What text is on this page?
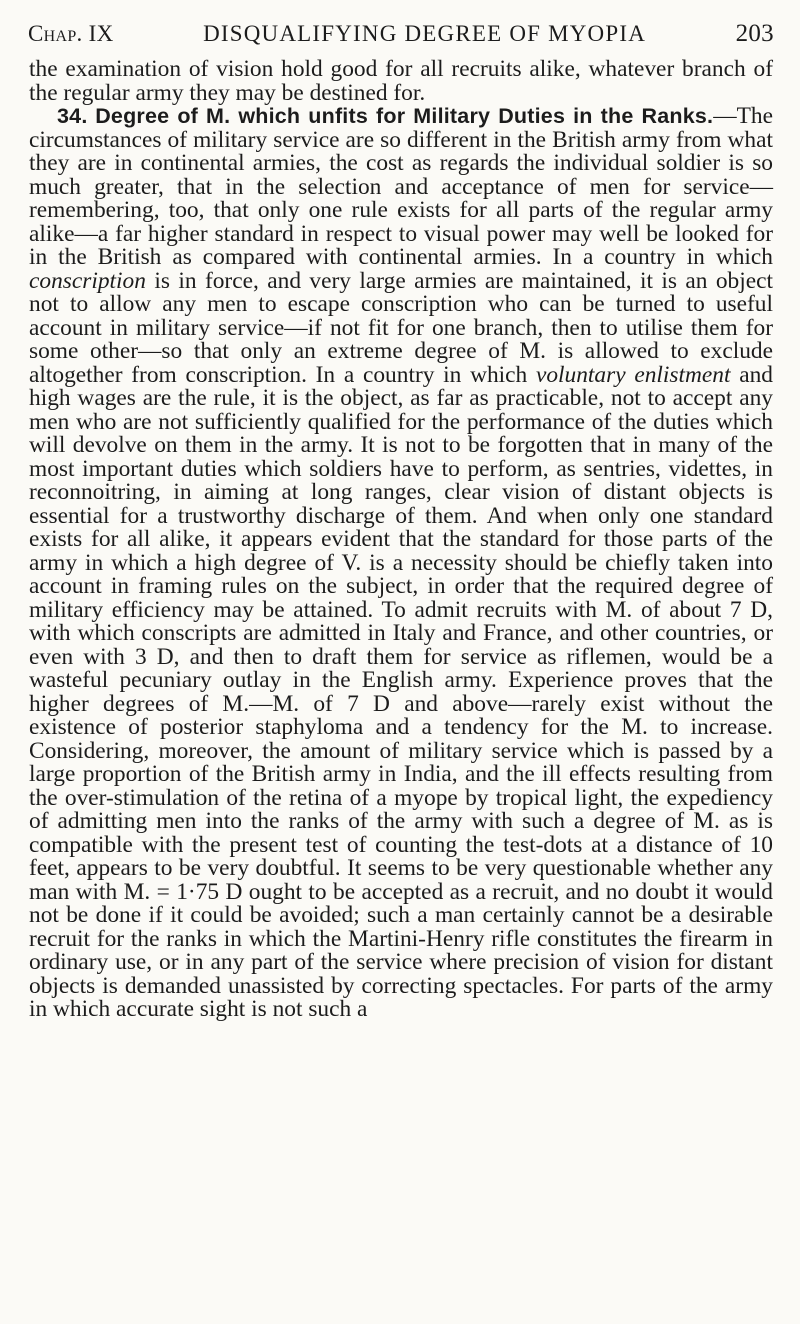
Chap. IX	DISQUALIFYING DEGREE OF MYOPIA	203

the examination of vision hold good for all recruits alike, whatever branch of the regular army they may be destined for.

34. Degree of M. which unfits for Military Duties in the Ranks.—The circumstances of military service are so different in the British army from what they are in continental armies, the cost as regards the individual soldier is so much greater, that in the selection and acceptance of men for service—remembering, too, that only one rule exists for all parts of the regular army alike—a far higher standard in respect to visual power may well be looked for in the British as compared with continental armies. In a country in which conscription is in force, and very large armies are maintained, it is an object not to allow any men to escape conscription who can be turned to useful account in military service—if not fit for one branch, then to utilise them for some other—so that only an extreme degree of M. is allowed to exclude altogether from conscription. In a country in which voluntary enlistment and high wages are the rule, it is the object, as far as practicable, not to accept any men who are not sufficiently qualified for the performance of the duties which will devolve on them in the army. It is not to be forgotten that in many of the most important duties which soldiers have to perform, as sentries, videttes, in reconnoitring, in aiming at long ranges, clear vision of distant objects is essential for a trustworthy discharge of them. And when only one standard exists for all alike, it appears evident that the standard for those parts of the army in which a high degree of V. is a necessity should be chiefly taken into account in framing rules on the subject, in order that the required degree of military efficiency may be attained. To admit recruits with M. of about 7 D, with which conscripts are admitted in Italy and France, and other countries, or even with 3 D, and then to draft them for service as riflemen, would be a wasteful pecuniary outlay in the English army. Experience proves that the higher degrees of M.—M. of 7 D and above—rarely exist without the existence of posterior staphyloma and a tendency for the M. to increase. Considering, moreover, the amount of military service which is passed by a large proportion of the British army in India, and the ill effects resulting from the over-stimulation of the retina of a myope by tropical light, the expediency of admitting men into the ranks of the army with such a degree of M. as is compatible with the present test of counting the test-dots at a distance of 10 feet, appears to be very doubtful. It seems to be very questionable whether any man with M. = 1·75 D ought to be accepted as a recruit, and no doubt it would not be done if it could be avoided; such a man certainly cannot be a desirable recruit for the ranks in which the Martini-Henry rifle constitutes the firearm in ordinary use, or in any part of the service where precision of vision for distant objects is demanded unassisted by correcting spectacles. For parts of the army in which accurate sight is not such a
